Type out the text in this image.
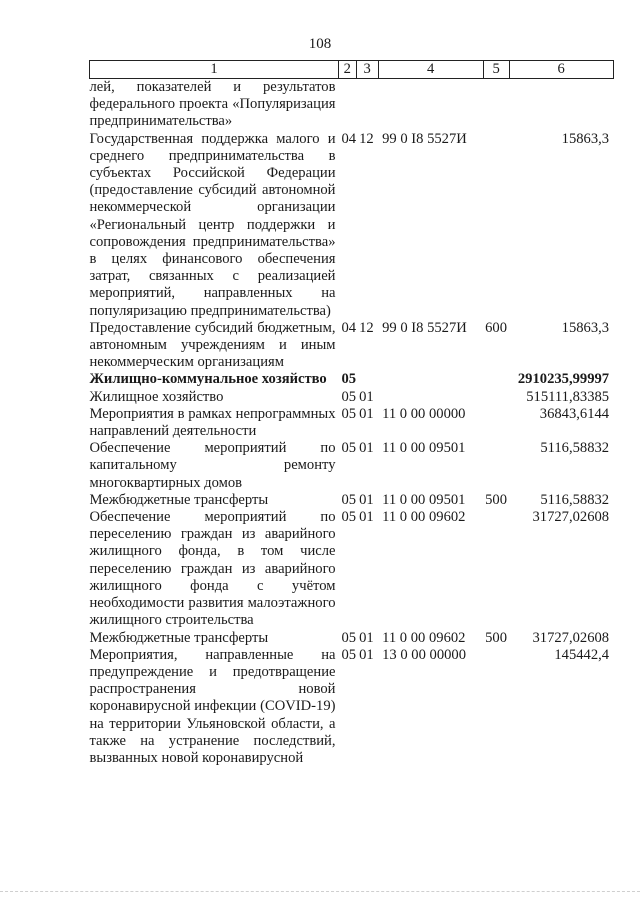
108
1	2	3	4	5	6
лей, показателей и результатов федерального проекта «Популяризация предпринимательства»					
Государственная поддержка малого и среднего предпринимательства в субъектах Российской Федерации (предоставление субсидий автономной некоммерческой организации «Региональный центр поддержки и сопровождения предпринимательства» в целях финансового обеспечения затрат, связанных с реализацией мероприятий, направленных на популяризацию предпринимательства)	04	12	99 0 I8 5527И		15863,3
Предоставление субсидий бюджетным, автономным учреждениям и иным некоммерческим организациям	04	12	99 0 I8 5527И	600	15863,3
Жилищно-коммунальное хозяйство	05				2910235,99997
Жилищное хозяйство	05	01			515111,83385
Мероприятия в рамках непрограммных направлений деятельности	05	01	11 0 00 00000		36843,6144
Обеспечение мероприятий по капитальному ремонту многоквартирных домов	05	01	11 0 00 09501		5116,58832
Межбюджетные трансферты	05	01	11 0 00 09501	500	5116,58832
Обеспечение мероприятий по переселению граждан из аварийного жилищного фонда, в том числе переселению граждан из аварийного жилищного фонда с учётом необходимости развития малоэтажного жилищного строительства	05	01	11 0 00 09602		31727,02608
Межбюджетные трансферты	05	01	11 0 00 09602	500	31727,02608
Мероприятия, направленные на предупреждение и предотвращение распространения новой коронавирусной инфекции (COVID-19) на территории Ульяновской области, а также на устранение последствий, вызванных новой коронавирусной	05	01	13 0 00 00000		145442,4
